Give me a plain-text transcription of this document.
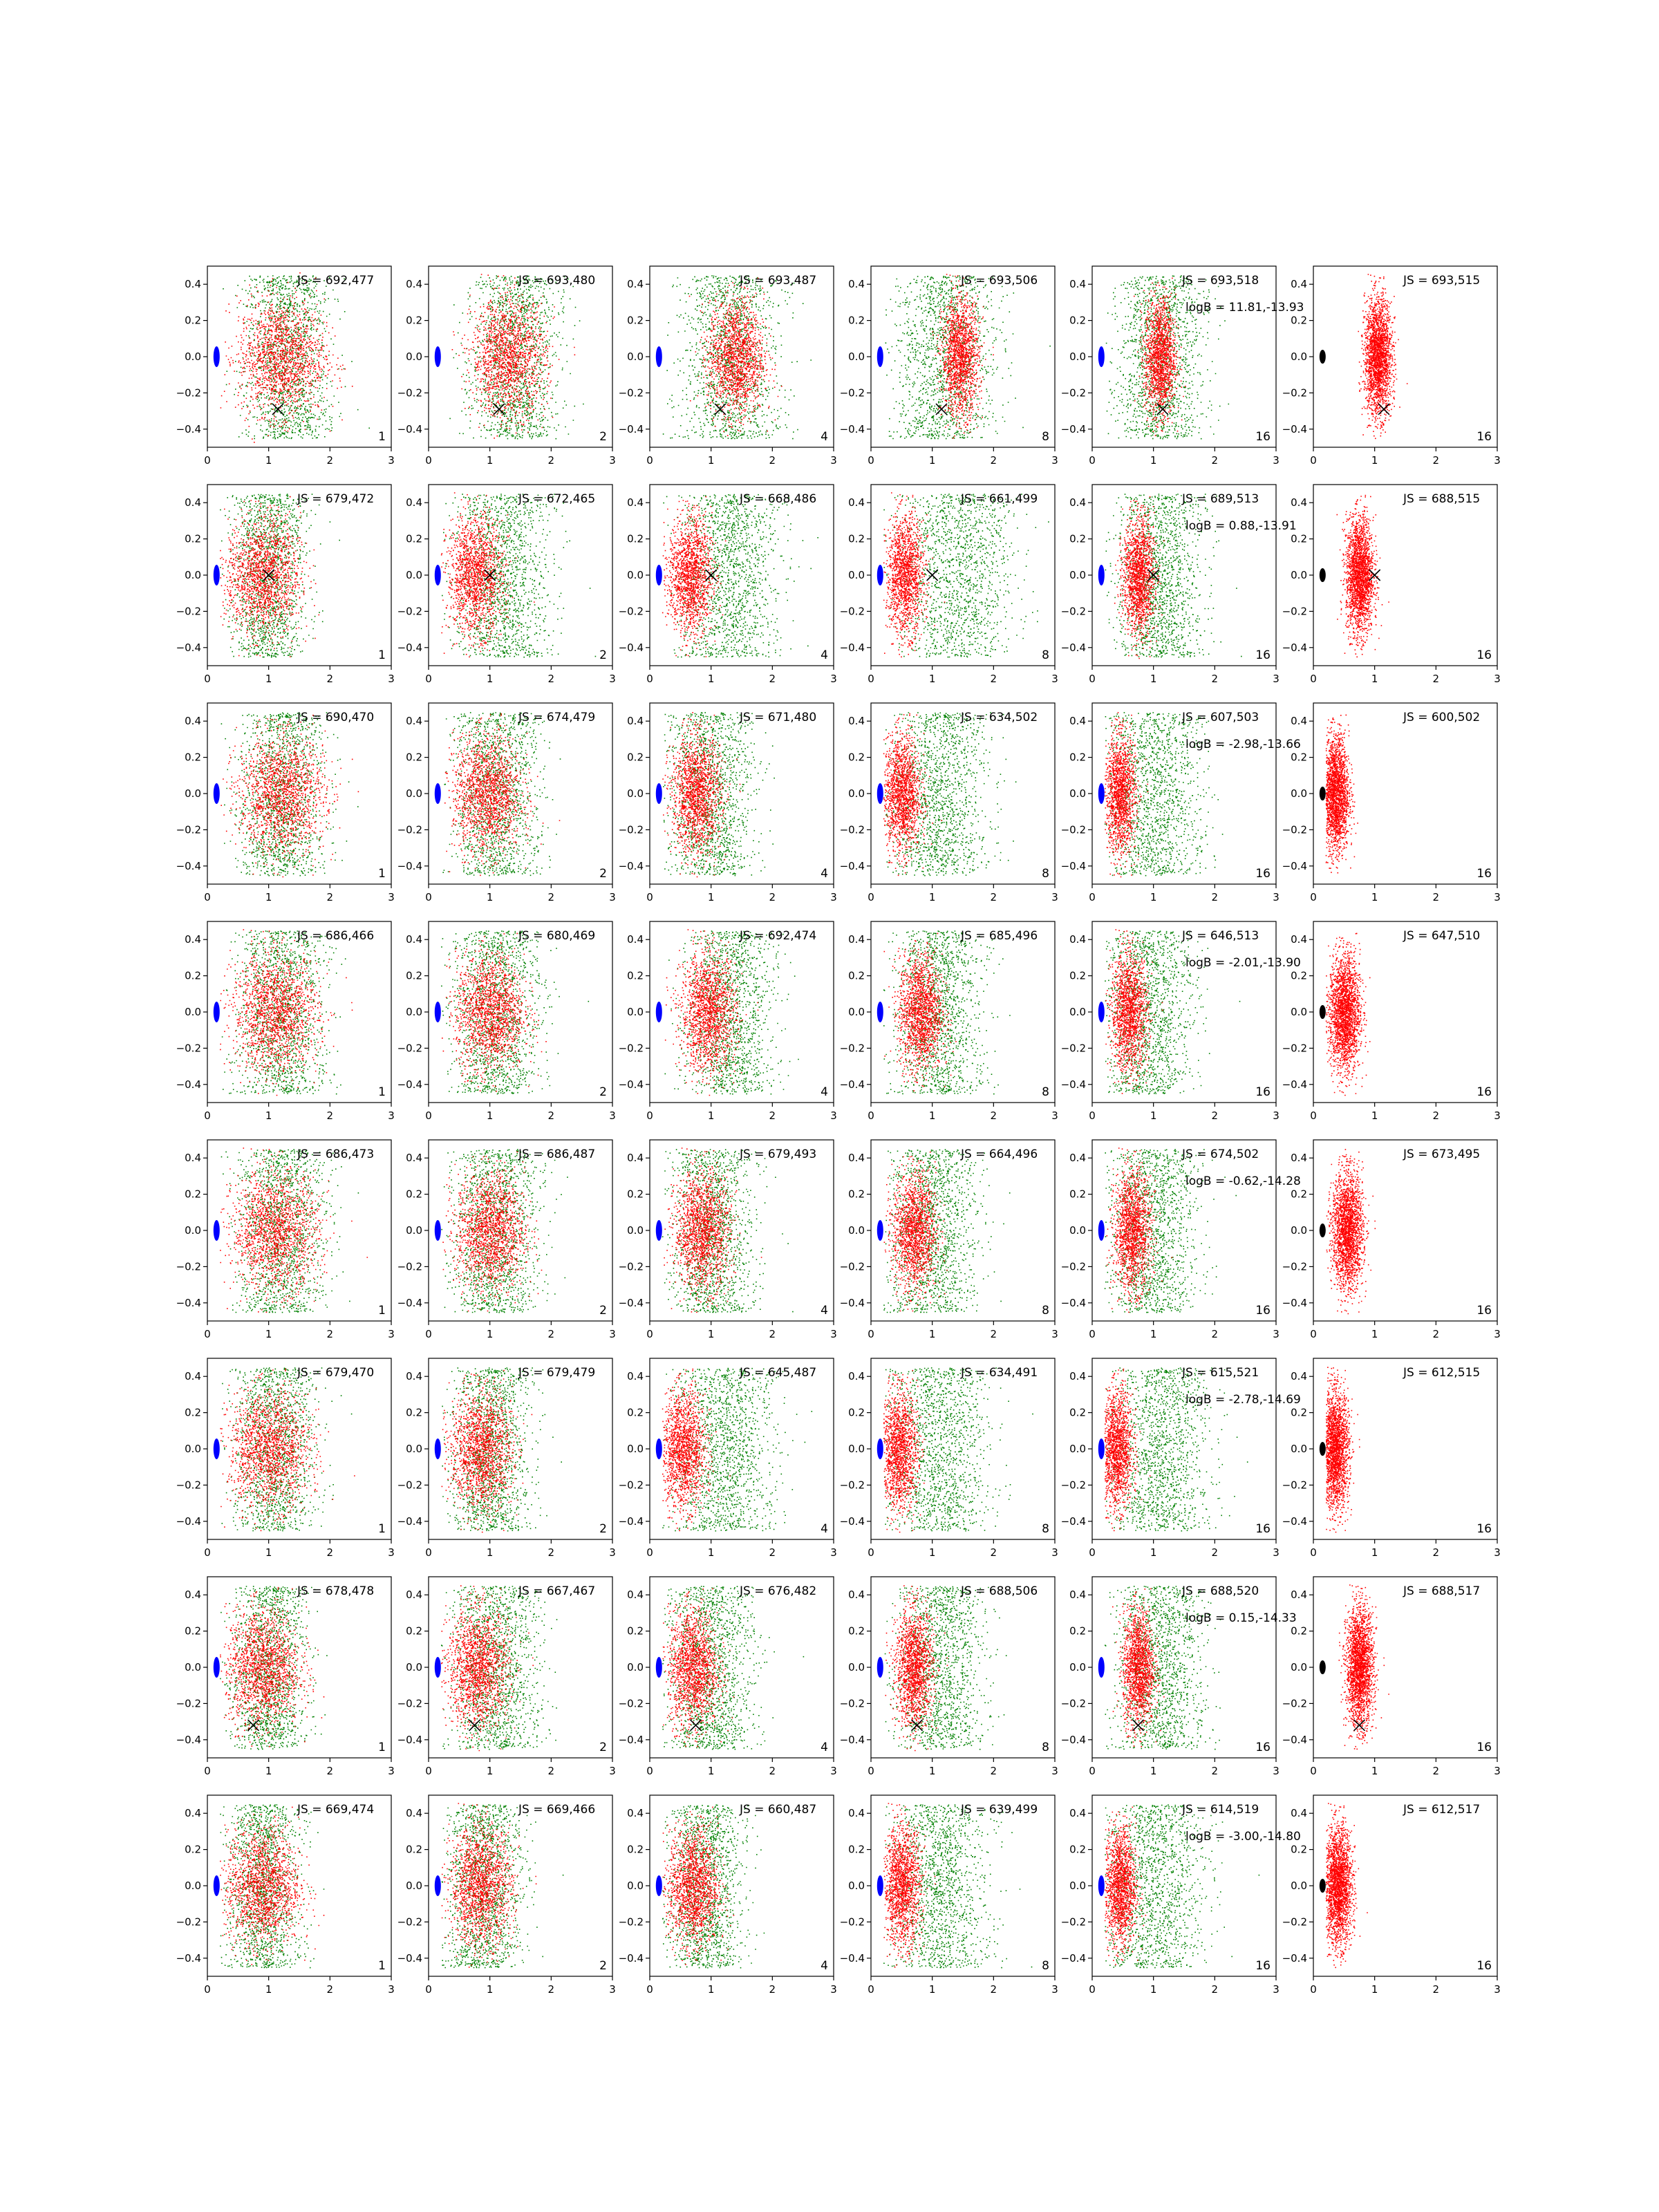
0	1	2	3
−0.4
−0.2
0.0
0.2
0.4	JS = 692,477
1
0	1	2	3
−0.4
−0.2
0.0
0.2
0.4	JS = 693,480
2
0	1	2	3
−0.4
−0.2
0.0
0.2
0.4	JS = 693,487
4
0	1	2	3
−0.4
−0.2
0.0
0.2
0.4	JS = 693,506
8
0	1	2	3
−0.4
−0.2
0.0
0.2
0.4	JS = 693,518
logB = 11.81,-13.93
16
0	1	2	3
−0.4
−0.2
0.0
0.2
0.4	JS = 693,515
16
0	1	2	3
−0.4
−0.2
0.0
0.2
0.4	JS = 679,472
1
0	1	2	3
−0.4
−0.2
0.0
0.2
0.4	JS = 672,465
2
0	1	2	3
−0.4
−0.2
0.0
0.2
0.4	JS = 668,486
4
0	1	2	3
−0.4
−0.2
0.0
0.2
0.4	JS = 661,499
8
0	1	2	3
−0.4
−0.2
0.0
0.2
0.4	JS = 689,513
logB = 0.88,-13.91
16
0	1	2	3
−0.4
−0.2
0.0
0.2
0.4	JS = 688,515
16
0	1	2	3
−0.4
−0.2
0.0
0.2
0.4	JS = 690,470
1
0	1	2	3
−0.4
−0.2
0.0
0.2
0.4	JS = 674,479
2
0	1	2	3
−0.4
−0.2
0.0
0.2
0.4	JS = 671,480
4
0	1	2	3
−0.4
−0.2
0.0
0.2
0.4	JS = 634,502
8
0	1	2	3
−0.4
−0.2
0.0
0.2
0.4	JS = 607,503
logB = -2.98,-13.66
16
0	1	2	3
−0.4
−0.2
0.0
0.2
0.4	JS = 600,502
16
0	1	2	3
−0.4
−0.2
0.0
0.2
0.4	JS = 686,466
1
0	1	2	3
−0.4
−0.2
0.0
0.2
0.4	JS = 680,469
2
0	1	2	3
−0.4
−0.2
0.0
0.2
0.4	JS = 692,474
4
0	1	2	3
−0.4
−0.2
0.0
0.2
0.4	JS = 685,496
8
0	1	2	3
−0.4
−0.2
0.0
0.2
0.4	JS = 646,513
logB = -2.01,-13.90
16
0	1	2	3
−0.4
−0.2
0.0
0.2
0.4	JS = 647,510
16
0	1	2	3
−0.4
−0.2
0.0
0.2
0.4	JS = 686,473
1
0	1	2	3
−0.4
−0.2
0.0
0.2
0.4	JS = 686,487
2
0	1	2	3
−0.4
−0.2
0.0
0.2
0.4	JS = 679,493
4
0	1	2	3
−0.4
−0.2
0.0
0.2
0.4	JS = 664,496
8
0	1	2	3
−0.4
−0.2
0.0
0.2
0.4	JS = 674,502
logB = -0.62,-14.28
16
0	1	2	3
−0.4
−0.2
0.0
0.2
0.4	JS = 673,495
16
0	1	2	3
−0.4
−0.2
0.0
0.2
0.4	JS = 679,470
1
0	1	2	3
−0.4
−0.2
0.0
0.2
0.4	JS = 679,479
2
0	1	2	3
−0.4
−0.2
0.0
0.2
0.4	JS = 645,487
4
0	1	2	3
−0.4
−0.2
0.0
0.2
0.4	JS = 634,491
8
0	1	2	3
−0.4
−0.2
0.0
0.2
0.4	JS = 615,521
logB = -2.78,-14.69
16
0	1	2	3
−0.4
−0.2
0.0
0.2
0.4	JS = 612,515
16
0	1	2	3
−0.4
−0.2
0.0
0.2
0.4	JS = 678,478
1
0	1	2	3
−0.4
−0.2
0.0
0.2
0.4	JS = 667,467
2
0	1	2	3
−0.4
−0.2
0.0
0.2
0.4	JS = 676,482
4
0	1	2	3
−0.4
−0.2
0.0
0.2
0.4	JS = 688,506
8
0	1	2	3
−0.4
−0.2
0.0
0.2
0.4	JS = 688,520
logB = 0.15,-14.33
16
0	1	2	3
−0.4
−0.2
0.0
0.2
0.4	JS = 688,517
16
0	1	2	3
−0.4
−0.2
0.0
0.2
0.4	JS = 669,474
1
0	1	2	3
−0.4
−0.2
0.0
0.2
0.4	JS = 669,466
2
0	1	2	3
−0.4
−0.2
0.0
0.2
0.4	JS = 660,487
4
0	1	2	3
−0.4
−0.2
0.0
0.2
0.4	JS = 639,499
8
0	1	2	3
−0.4
−0.2
0.0
0.2
0.4	JS = 614,519
logB = -3.00,-14.80
16
0	1	2	3
−0.4
−0.2
0.0
0.2
0.4	JS = 612,517
16
